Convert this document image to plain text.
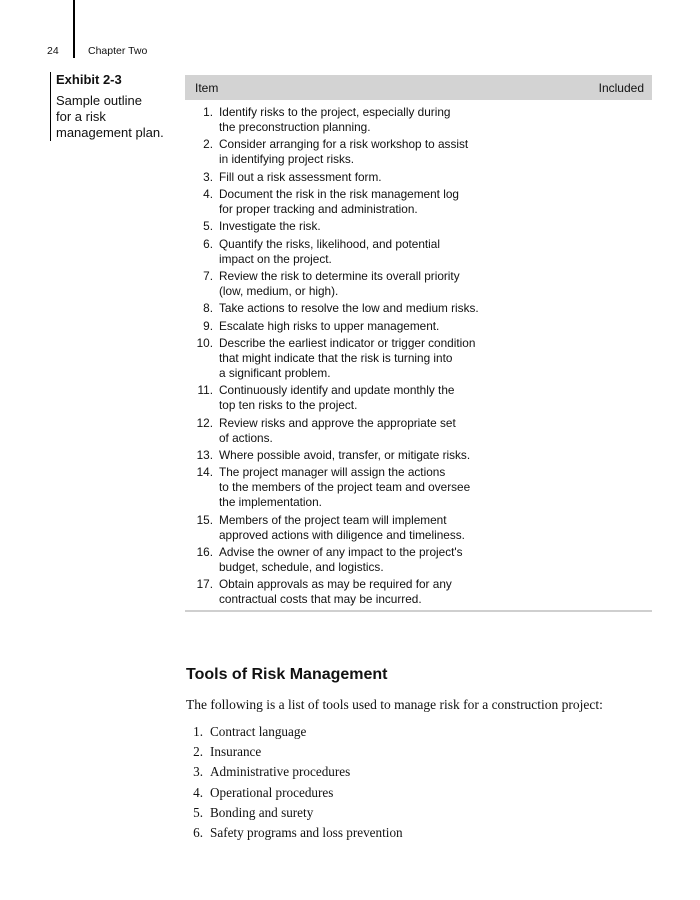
24	Chapter Two
Exhibit 2-3
Sample outline
for a risk
management plan.
Item	Included
1. Identify risks to the project, especially during
the preconstruction planning.
2. Consider arranging for a risk workshop to assist
in identifying project risks.
3. Fill out a risk assessment form.
4. Document the risk in the risk management log
for proper tracking and administration.
5. Investigate the risk.
6. Quantify the risks, likelihood, and potential
impact on the project.
7. Review the risk to determine its overall priority
(low, medium, or high).
8. Take actions to resolve the low and medium risks.
9. Escalate high risks to upper management.
10. Describe the earliest indicator or trigger condition
that might indicate that the risk is turning into
a significant problem.
11. Continuously identify and update monthly the
top ten risks to the project.
12. Review risks and approve the appropriate set
of actions.
13. Where possible avoid, transfer, or mitigate risks.
14. The project manager will assign the actions
to the members of the project team and oversee
the implementation.
15. Members of the project team will implement
approved actions with diligence and timeliness.
16. Advise the owner of any impact to the project's
budget, schedule, and logistics.
17. Obtain approvals as may be required for any
contractual costs that may be incurred.
Tools of Risk Management

The following is a list of tools used to manage risk for a construction project:

1. Contract language
2. Insurance
3. Administrative procedures
4. Operational procedures
5. Bonding and surety
6. Safety programs and loss prevention
